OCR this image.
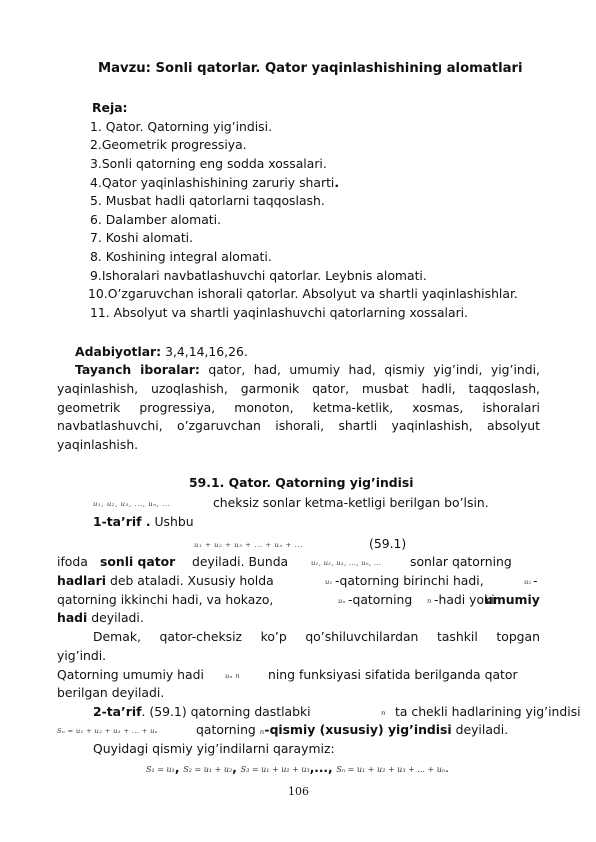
Mavzu: Sonli qatorlar. Qator yaqinlashishining alomatlari
Reja:
1. Qator. Qatorning yig’indisi.
2.Geometrik progressiya.
3.Sonli qatorning eng sodda xossalari.
4.Qator yaqinlashishining zaruriy sharti.
5. Musbat hadli qatorlarni taqqoslash.
6. Dalamber alomati.
7. Koshi alomati.
8. Koshining integral alomati.
9.Ishoralari navbatlashuvchi qatorlar. Leybnis alomati.
10.O’zgaruvchan ishorali qatorlar. Absolyut va shartli yaqinlashishlar.
11. Absolyut va shartli yaqinlashuvchi qatorlarning xossalari.
Adabiyotlar: 3,4,14,16,26.
Tayanch iboralar: qator, had, umumiy had, qismiy yig’indi, yig’indi,
yaqinlashish, uzoqlashish, garmonik qator, musbat hadli, taqqoslash,
geometrik progressiya, monoton, ketma-ketlik, xosmas, ishoralari
navbatlashuvchi, o’zgaruvchan ishorali, shartli yaqinlashish, absolyut
yaqinlashish.
59.1. Qator. Qatorning yig’indisi
u₁, u₂, u₃, ..., uₙ, ...	cheksiz sonlar ketma-ketligi berilgan bo’lsin.
1-ta’rif . Ushbu
u₁ + u₂ + u₃ + ... + uₙ + ...	(59.1)
ifoda sonli qator deyiladi. Bunda	u₁, u₂, u₃, ..., uₙ, ... sonlar qatorning
hadlari deb ataladi. Xususiy holda	u₁ -qatorning birinchi hadi,	u₂ -
qatorning ikkinchi hadi, va hokazo,	uₙ -qatorning n -hadi yoki
umumiy
hadi deyiladi.
Demak, qator-cheksiz ko’p qo’shiluvchilardan tashkil topgan
yig’indi.
Qatorning umumiy hadi	uₙ n ning funksiyasi sifatida berilganda qator
berilgan deyiladi.
2-ta’rif. (59.1) qatorning dastlabki	n ta chekli hadlarining yig’indisi
Sₙ = u₁ + u₂ + u₃ + ... + uₙ	qatorning n-qismiy (xususiy) yig’indisi deyiladi.
Quyidagi qismiy yig’indilarni qaraymiz:
S₁ = u₁, S₂ = u₁ + u₂, S₃ = u₁ + u₂ + u₃,..., Sₙ = u₁ + u₂ + u₃ + ... + uₙ.
106
